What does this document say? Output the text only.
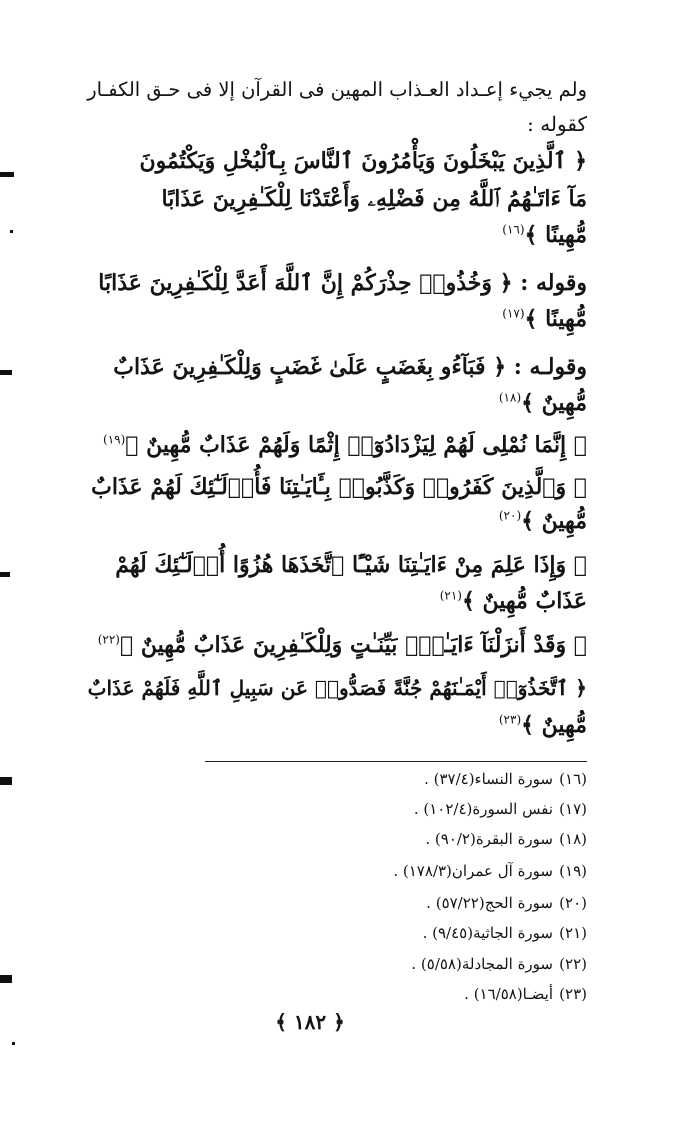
ولم يجيء إعـداد العـذاب المهين فى القرآن إلا فى حـق الكفـار
كقوله :
﴿ ٱلَّذِينَ يَبْخَلُونَ وَيَأْمُرُونَ ٱلنَّاسَ بِٱلْبُخْلِ وَيَكْتُمُونَ
مَآ ءَاتَـٰهُمُ ٱللَّهُ مِن فَضْلِهِۦ وَأَعْتَدْنَا لِلْكَـٰفِرِينَ عَذَابًا
مُّهِينًا ﴾$^{(١٦)}$
وقوله : ﴿ وَخُذُوا۟ حِذْرَكُمْ إِنَّ ٱللَّهَ أَعَدَّ لِلْكَـٰفِرِينَ عَذَابًا
مُّهِينًا ﴾$^{(١٧)}$
وقولـه : ﴿ فَبَآءُو بِغَضَبٍ عَلَىٰ غَضَبٍ وَلِلْكَـٰفِرِينَ عَذَابٌ
مُّهِينٌ ﴾$^{(١٨)}$
﴿ إِنَّمَا نُمْلِى لَهُمْ لِيَزْدَادُوٓا۟ إِثْمًا وَلَهُمْ عَذَابٌ مُّهِينٌ ﴾$^{(١٩)}$
﴿ وَٱلَّذِينَ كَفَرُوا۟ وَكَذَّبُوا۟ بِـَٔايَـٰتِنَا فَأُو۟لَـٰٓئِكَ لَهُمْ عَذَابٌ
مُّهِينٌ ﴾$^{(٢٠)}$
﴿ وَإِذَا عَلِمَ مِنْ ءَايَـٰتِنَا شَيْـًٔا ٱتَّخَذَهَا هُزُوًا أُو۟لَـٰٓئِكَ لَهُمْ
عَذَابٌ مُّهِينٌ ﴾$^{(٢١)}$
﴿ وَقَدْ أَنزَلْنَآ ءَايَـٰتٍۭ بَيِّنَـٰتٍ وَلِلْكَـٰفِرِينَ عَذَابٌ مُّهِينٌ ﴾$^{(٢٢)}$
﴿ ٱتَّخَذُوٓا۟ أَيْمَـٰنَهُمْ جُنَّةً فَصَدُّوا۟ عَن سَبِيلِ ٱللَّهِ فَلَهُمْ عَذَابٌ
مُّهِينٌ ﴾$^{(٢٣)}$
(١٦)سورة النساء(٣٧/٤) .
(١٧)نفس السورة(١٠٢/٤) .
(١٨)سورة البقرة(٩٠/٢) .
(١٩)سورة آل عمران(١٧٨/٣) .
(٢٠)سورة الحج(٥٧/٢٢) .
(٢١)سورة الجاثية(٩/٤٥) .
(٢٢)سورة المجادلة(٥/٥٨) .
(٢٣)أيضـا(١٦/٥٨) .
﴿ ١٨٢ ﴾
